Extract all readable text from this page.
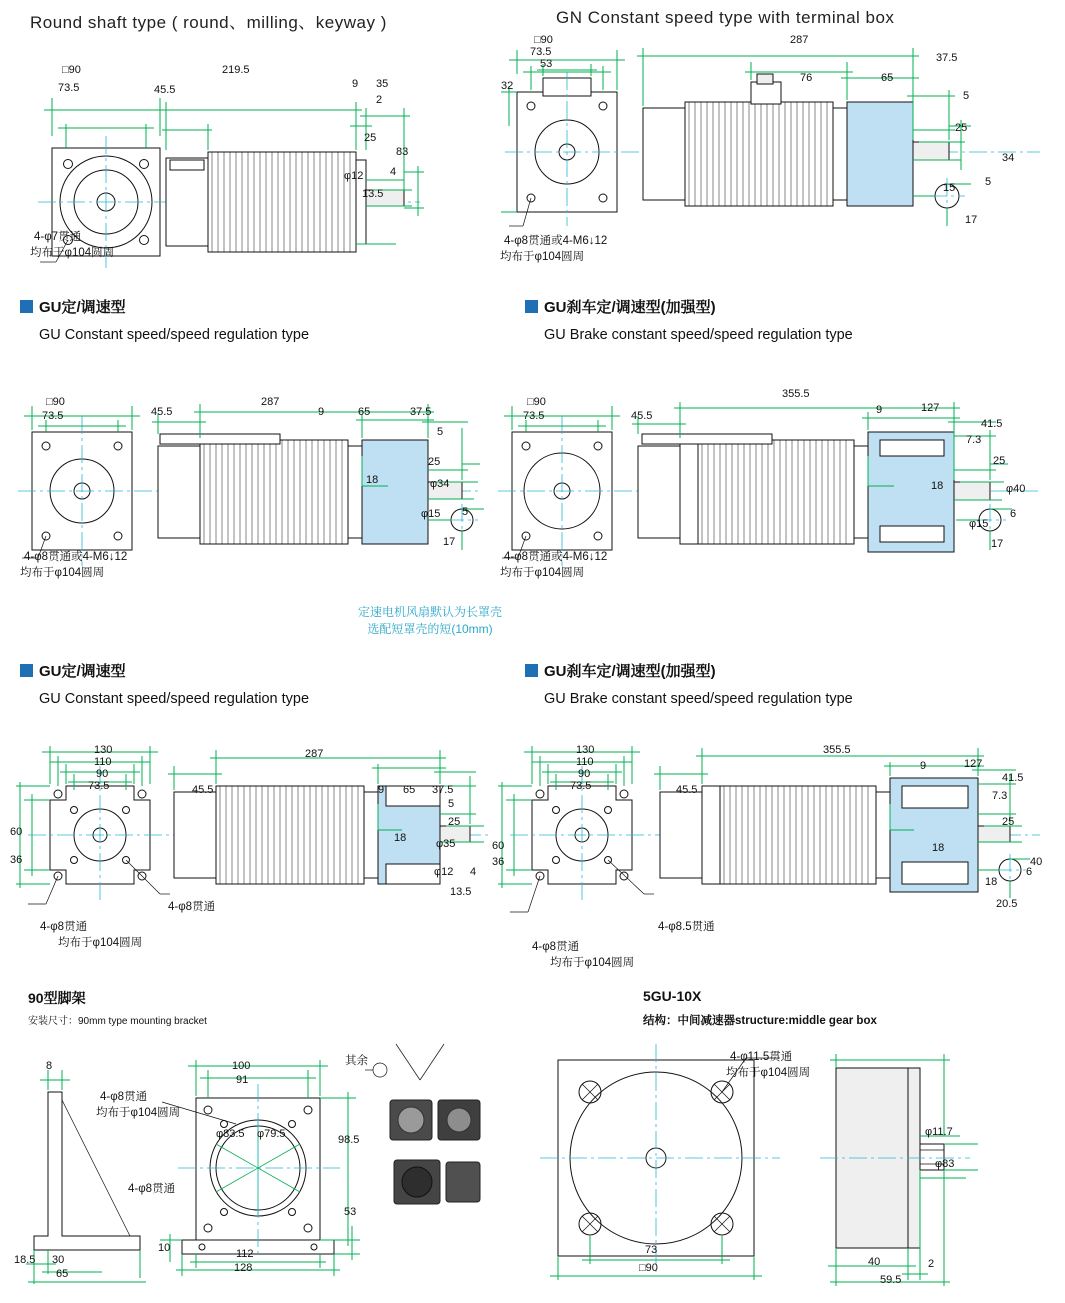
Round shaft type ( round、milling、keyway )	GN Constant speed type with terminal box
□90
73.5	45.5
219.5
9 35
2
25
83
4
φ12
13.5
4-φ7贯通
均布于φ104圆周
□90
73.5
53
32
287
76	65
37.5
5
25
34
15	5
17
4-φ8贯通或4-M6↓12
均布于φ104圆周
GU定/调速型
GU Constant speed/speed regulation type
GU刹车定/调速型(加强型)
GU Brake constant speed/speed regulation type
□90
73.5	45.5
287
9	65	37.5
5
25
18	φ34
φ15 5
17
4-φ8贯通或4-M6↓12
均布于φ104圆周
□90
73.5	45.5
355.5
9	127
41.5
7.3
25
18	φ40
φ15
6
17
4-φ8贯通或4-M6↓12
均布于φ104圆周
定速电机风扇默认为长罩壳
选配短罩壳的短(10mm)
GU定/调速型
GU Constant speed/speed regulation type
GU刹车定/调速型(加强型)
GU Brake constant speed/speed regulation type
130
110
90
73.5
60
36
45.5
287
9 65 37.5
5
25
18	φ35
φ12 4
13.5
4-φ8贯通
均布于φ104圆周
4-φ8贯通
130
110
90
73.5
60
36
45.5
355.5
9	127
41.5
7.3
25
18
40
18
6
20.5
4-φ8贯通
均布于φ104圆周
4-φ8.5贯通
90型脚架
安装尺寸：90mm type mounting bracket
5GU-10X
结构：中间减速器structure:middle gear box
8	100
91
φ83.5 φ79.5	98.5
53
10	112
128
18.5 30
65
4-φ8贯通
均布于φ104圆周
4-φ8贯通
其余	4-φ11.5贯通
均布于φ104圆周
φ11.7
φ83
73
□90	40	2
59.5
